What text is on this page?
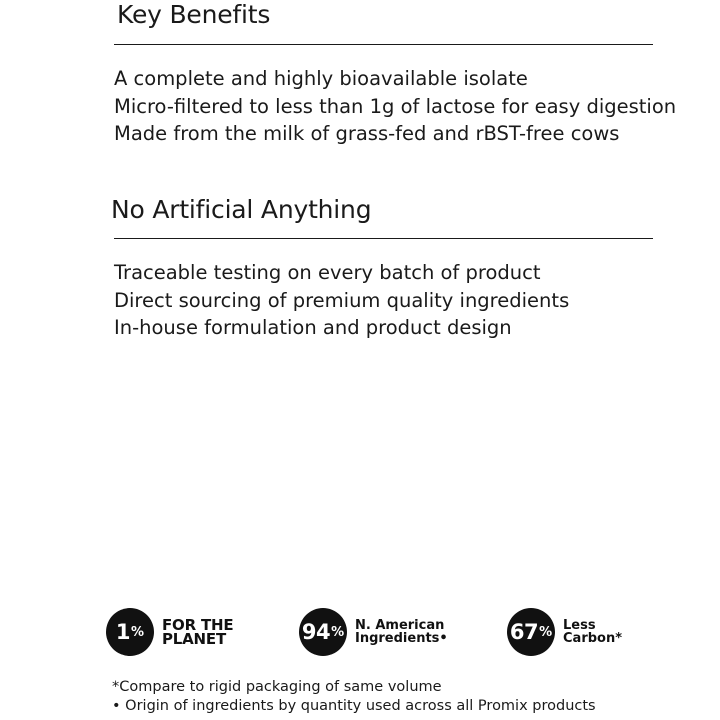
Key Benefits
A complete and highly bioavailable isolate
Micro-filtered to less than 1g of lactose for easy digestion
Made from the milk of grass-fed and rBST-free cows
No Artificial Anything
Traceable testing on every batch of product
Direct sourcing of premium quality ingredients
In-house formulation and product design
1 % FOR THE
PLANET	94 % N. American
Ingredients•	67 % Less
Carbon*
*Compare to rigid packaging of same volume
• Origin of ingredients by quantity used across all Promix products
